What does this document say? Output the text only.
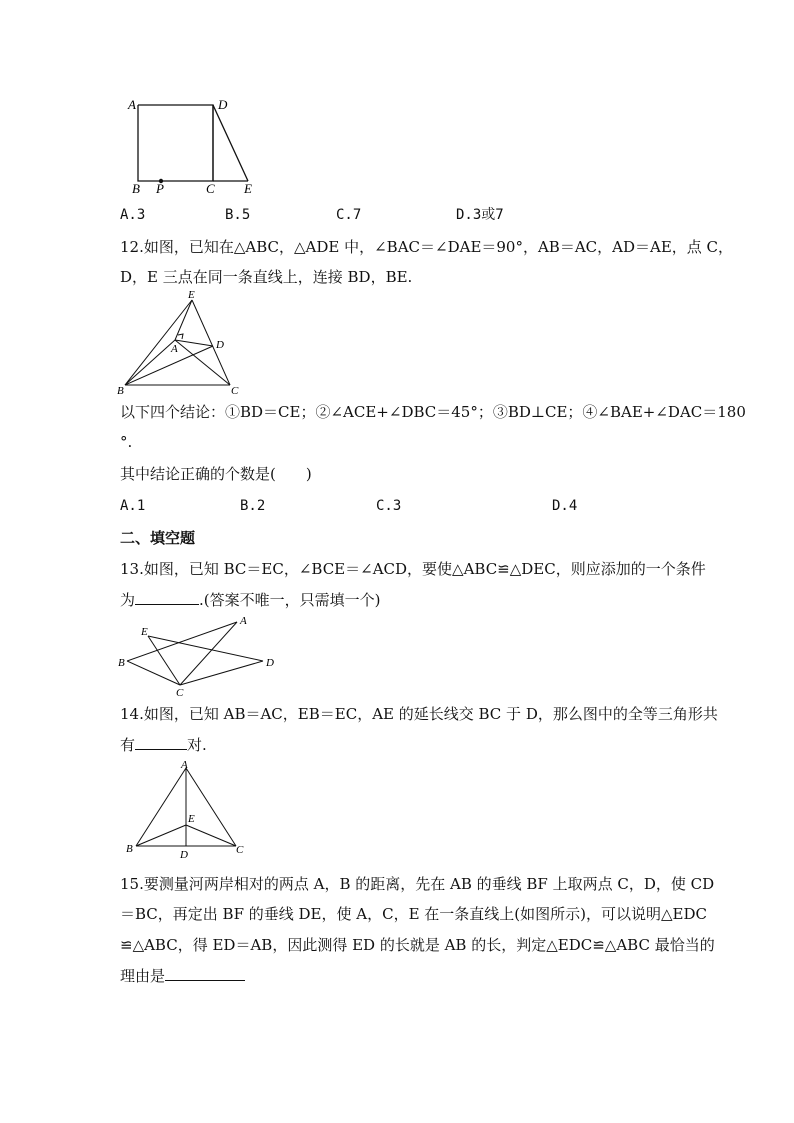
A	D
B P	C E
A.3	B.5	C.7	D.3或7
12.如图，已知在△ABC，△ADE 中，∠BAC＝∠DAE＝90°，AB＝AC，AD＝AE，点 C，
D，E 三点在同一条直线上，连接 BD，BE.
E
A	D
B	C
以下四个结论：①BD＝CE；②∠ACE+∠DBC＝45°；③BD⊥CE；④∠BAE+∠DAC＝180
°.
其中结论正确的个数是(　　)
A.1	B.2	C.3	D.4
二、填空题
13.如图，已知 BC＝EC，∠BCE＝∠ACD，要使△ABC≌△DEC，则应添加的一个条件
为	.(答案不唯一，只需填一个)
E
A
B	D
C
14.如图，已知 AB＝AC，EB＝EC，AE 的延长线交 BC 于 D，那么图中的全等三角形共
有	对.
A
E
B	D	C
15.要测量河两岸相对的两点 A，B 的距离，先在 AB 的垂线 BF 上取两点 C，D，使 CD
＝BC，再定出 BF 的垂线 DE，使 A，C，E 在一条直线上(如图所示)，可以说明△EDC
≌△ABC，得 ED＝AB，因此测得 ED 的长就是 AB 的长，判定△EDC≌△ABC 最恰当的
理由是
